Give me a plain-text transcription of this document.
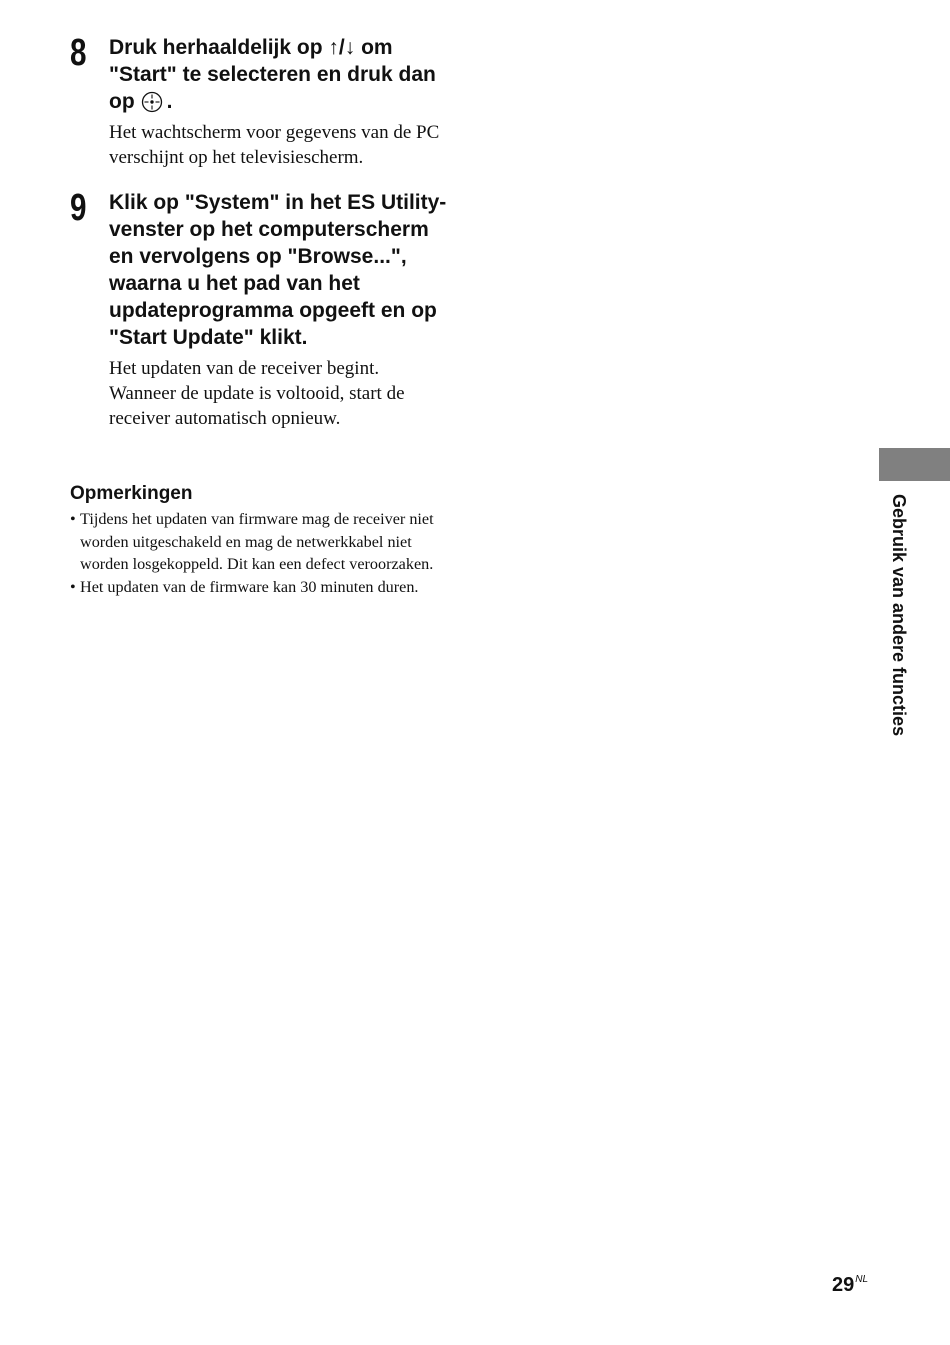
8 Druk herhaaldelijk op ↑/↓ om "Start" te selecteren en druk dan op .
Het wachtscherm voor gegevens van de PC verschijnt op het televisiescherm.
9 Klik op "System" in het ES Utility-venster op het computerscherm en vervolgens op "Browse...", waarna u het pad van het updateprogramma opgeeft en op "Start Update" klikt.
Het updaten van de receiver begint. Wanneer de update is voltooid, start de receiver automatisch opnieuw.
Opmerkingen
• Tijdens het updaten van firmware mag de receiver niet worden uitgeschakeld en mag de netwerkkabel niet worden losgekoppeld. Dit kan een defect veroorzaken.
• Het updaten van de firmware kan 30 minuten duren.	Gebruik van andere functies
$29^{NL}$
